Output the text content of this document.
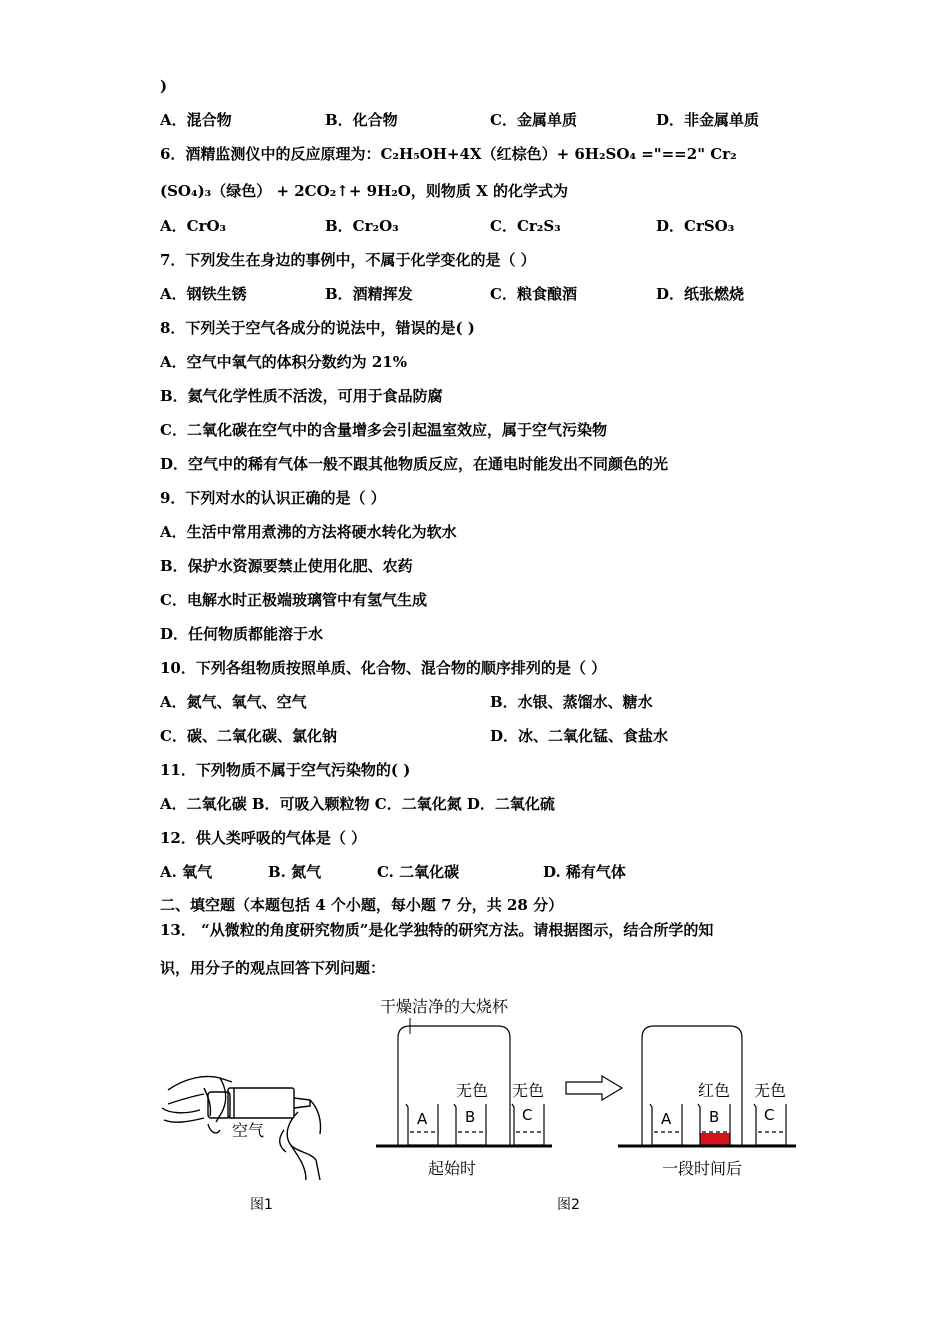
)
A．混合物	B．化合物	C．金属单质	D．非金属单质
6．酒精监测仪中的反应原理为：C₂H₅OH+4X（红棕色）+ 6H₂SO₄ ="==2" Cr₂
(SO₄)₃（绿色） + 2CO₂↑+ 9H₂O，则物质 X 的化学式为
A．CrO₃	B．Cr₂O₃	C．Cr₂S₃	D．CrSO₃
7．下列发生在身边的事例中，不属于化学变化的是（ ）
A．钢铁生锈	B．酒精挥发	C．粮食酿酒	D．纸张燃烧
8．下列关于空气各成分的说法中，错误的是( )
A．空气中氧气的体积分数约为 21%
B．氦气化学性质不活泼，可用于食品防腐
C．二氧化碳在空气中的含量增多会引起温室效应，属于空气污染物
D．空气中的稀有气体一般不跟其他物质反应，在通电时能发出不同颜色的光
9．下列对水的认识正确的是（ ）
A．生活中常用煮沸的方法将硬水转化为软水
B．保护水资源要禁止使用化肥、农药
C．电解水时正极端玻璃管中有氢气生成
D．任何物质都能溶于水
10．下列各组物质按照单质、化合物、混合物的顺序排列的是（ ）
A．氮气、氧气、空气	B．水银、蒸馏水、糖水
C．碳、二氧化碳、氯化钠	D．冰、二氧化锰、食盐水
11．下列物质不属于空气污染物的( )
A．二氧化碳 B．可吸入颗粒物 C．二氧化氮 D．二氧化硫
12．供人类呼吸的气体是（ ）
A. 氧气	B. 氮气	C. 二氧化碳	D. 稀有气体
二、填空题（本题包括 4 个小题，每小题 7 分，共 28 分）
13． “从微粒的角度研究物质”是化学独特的研究方法。请根据图示，结合所学的知
识，用分子的观点回答下列问题：
空气
图1
干燥洁净的大烧杯
A	B	C
无色 无色
起始时
A	B	C
红色 无色
一段时间后
图2
